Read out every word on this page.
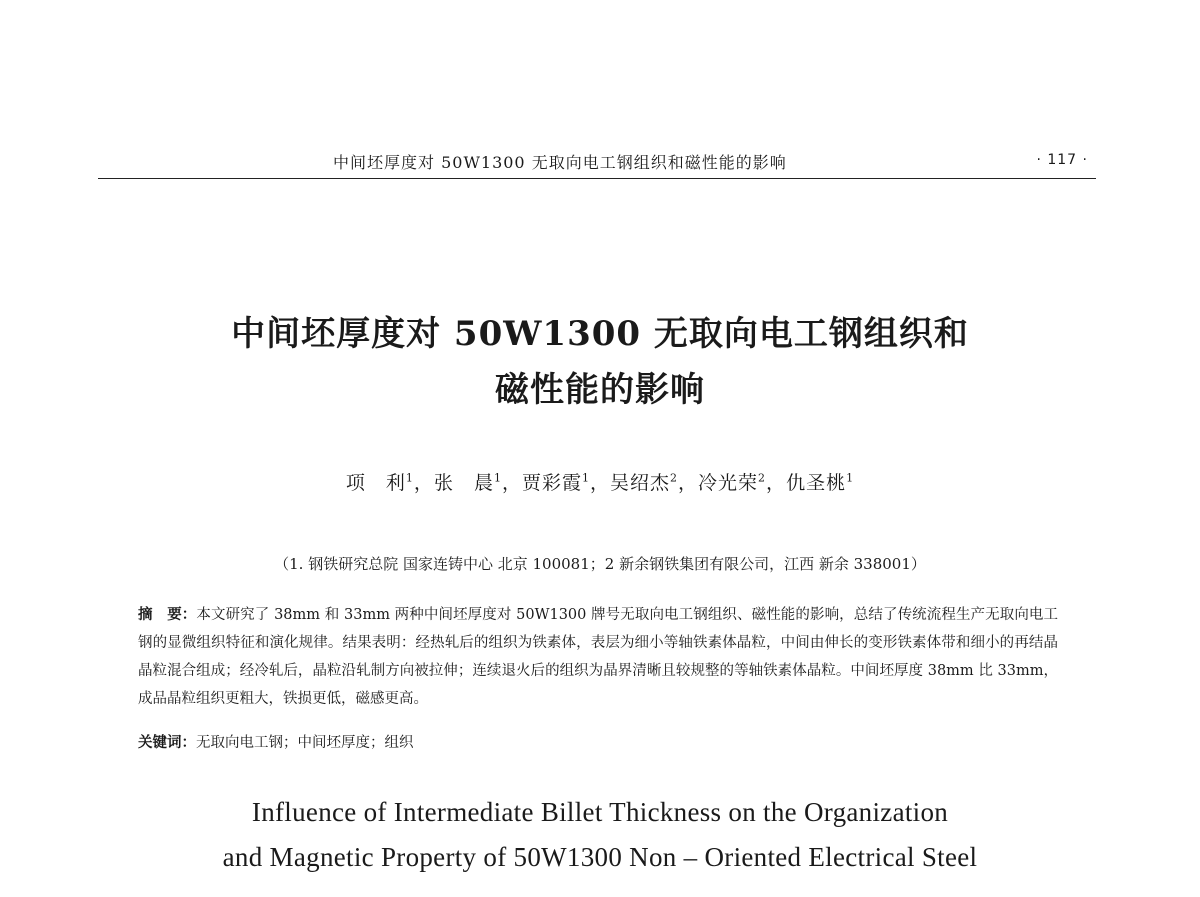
中间坯厚度对 50W1300 无取向电工钢组织和磁性能的影响	· 117 ·
中间坯厚度对 50W1300 无取向电工钢组织和
磁性能的影响
项　利$^1$，张　晨$^1$，贾彩霞$^1$，吴绍杰$^2$，冷光荣$^2$，仇圣桃$^1$
（1. 钢铁研究总院 国家连铸中心 北京 100081；2 新余钢铁集团有限公司，江西 新余 338001）
摘　要：本文研究了 38mm 和 33mm 两种中间坯厚度对 50W1300 牌号无取向电工钢组织、磁性能的影响，总结了传统流程生产无取向电工钢的显微组织特征和演化规律。结果表明：经热轧后的组织为铁素体，表层为细小等轴铁素体晶粒，中间由伸长的变形铁素体带和细小的再结晶晶粒混合组成；经冷轧后，晶粒沿轧制方向被拉伸；连续退火后的组织为晶界清晰且较规整的等轴铁素体晶粒。中间坯厚度 38mm 比 33mm，成品晶粒组织更粗大，铁损更低，磁感更高。
关键词：无取向电工钢；中间坯厚度；组织
Influence of Intermediate Billet Thickness on the Organization
and Magnetic Property of 50W1300 Non – Oriented Electrical Steel
